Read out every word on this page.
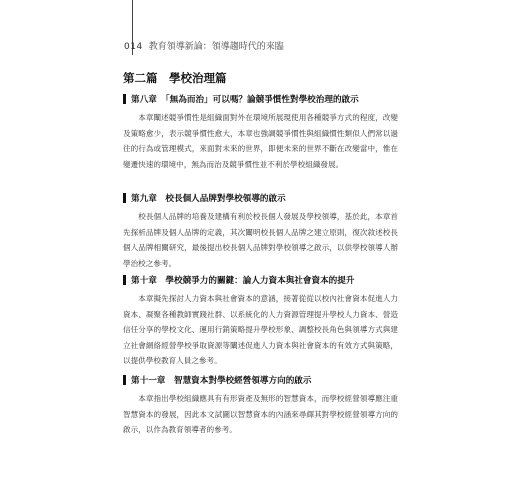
014 教育領導新論：領導趨時代的來臨
第二篇　學校治理篇
第八章　「無為而治」可以嗎？論競爭慣性對學校治理的啟示

本章闡述競爭慣性是組織面對外在環境所展現使用各種競爭方式的程度，改變及策略愈少，表示競爭慣性愈大，本章也強調競爭慣性與組織慣性類似人們常以過往的行為或管理模式，來面對未來的世界，即便未來的世界不斷在改變當中，惟在變遷快速的環境中，無為而治及競爭慣性並不利於學校組織發展。

第九章　校長個人品牌對學校領導的啟示

校長個人品牌的培養及建構有利於校長個人發展及學校領導，基於此，本章首先探析品牌及個人品牌的定義，其次闡明校長個人品牌之建立原則，復次敘述校長個人品牌相關研究，最後提出校長個人品牌對學校領導之啟示，以供學校領導人辦學治校之參考。

第十章　學校競爭力的關鍵：論人力資本與社會資本的提升

本章擬先探討人力資本與社會資本的意涵，接著從從以校內社會資本促進人力資本、凝聚各種教師實踐社群、以系統化的人力資源管理提升學校人力資本、營造信任分享的學校文化、運用行銷策略提升學校形象、調整校長角色與領導方式與建立社會網絡經營學校爭取資源等闡述促進人力資本與社會資本的有效方式與策略，以提供學校教育人員之參考。

第十一章　智慧資本對學校經營領導方向的啟示

本章指出學校組織應具有有形資產及無形的智慧資本，而學校經營領導應注重智慧資本的發展，因此本文試圖以智慧資本的內涵來尋繹其對學校經營領導方向的啟示，以作為教育領導者的參考。
